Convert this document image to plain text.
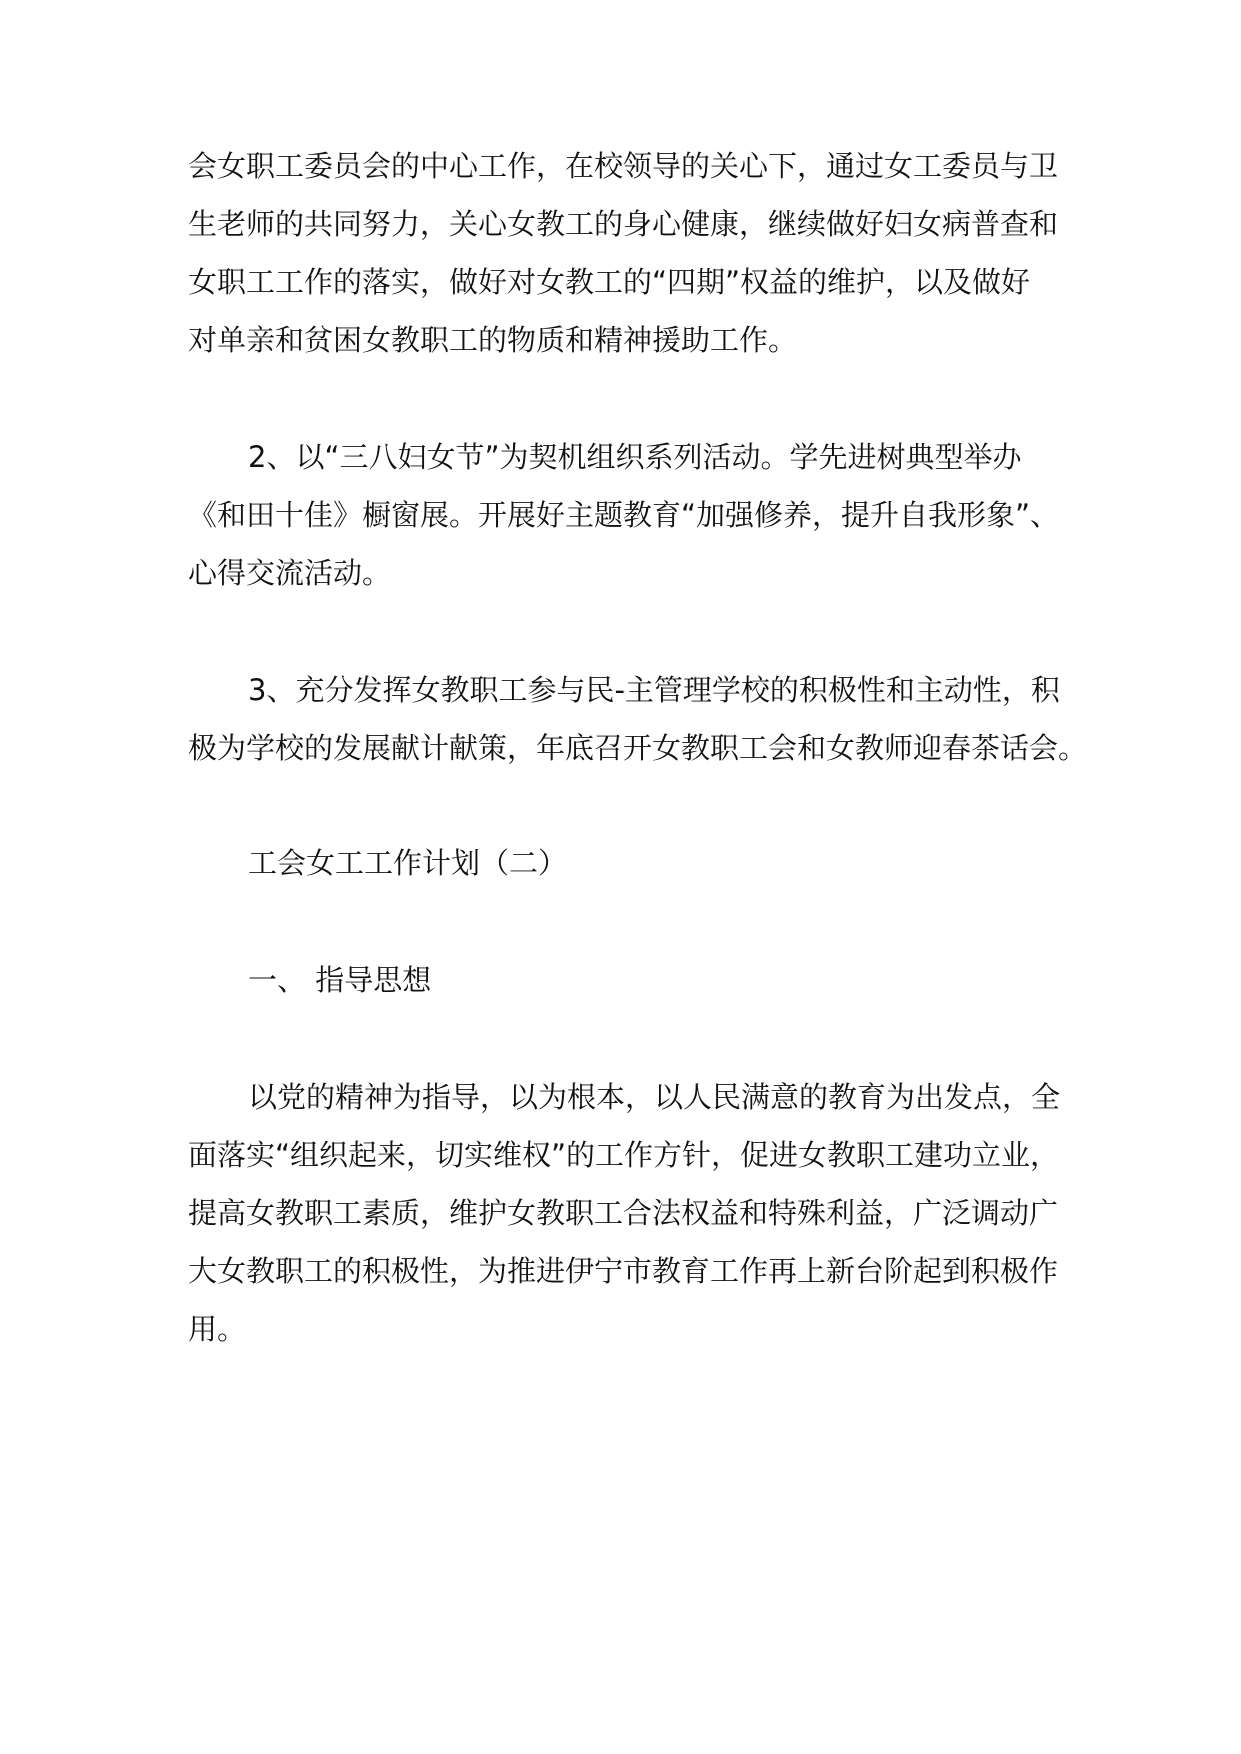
会女职工委员会的中心工作，在校领导的关心下，通过女工委员与卫
生老师的共同努力，关心女教工的身心健康，继续做好妇女病普查和
女职工工作的落实，做好对女教工的“四期”权益的维护，以及做好
对单亲和贫困女教职工的物质和精神援助工作。
2、以“三八妇女节”为契机组织系列活动。学先进树典型举办
《和田十佳》橱窗展。开展好主题教育“加强修养，提升自我形象”、
心得交流活动。
3、充分发挥女教职工参与民-主管理学校的积极性和主动性，积
极为学校的发展献计献策，年底召开女教职工会和女教师迎春茶话会。
工会女工工作计划（二）
一、 指导思想
以党的精神为指导，以为根本，以人民满意的教育为出发点，全
面落实“组织起来，切实维权”的工作方针，促进女教职工建功立业，
提高女教职工素质，维护女教职工合法权益和特殊利益，广泛调动广
大女教职工的积极性，为推进伊宁市教育工作再上新台阶起到积极作
用。
